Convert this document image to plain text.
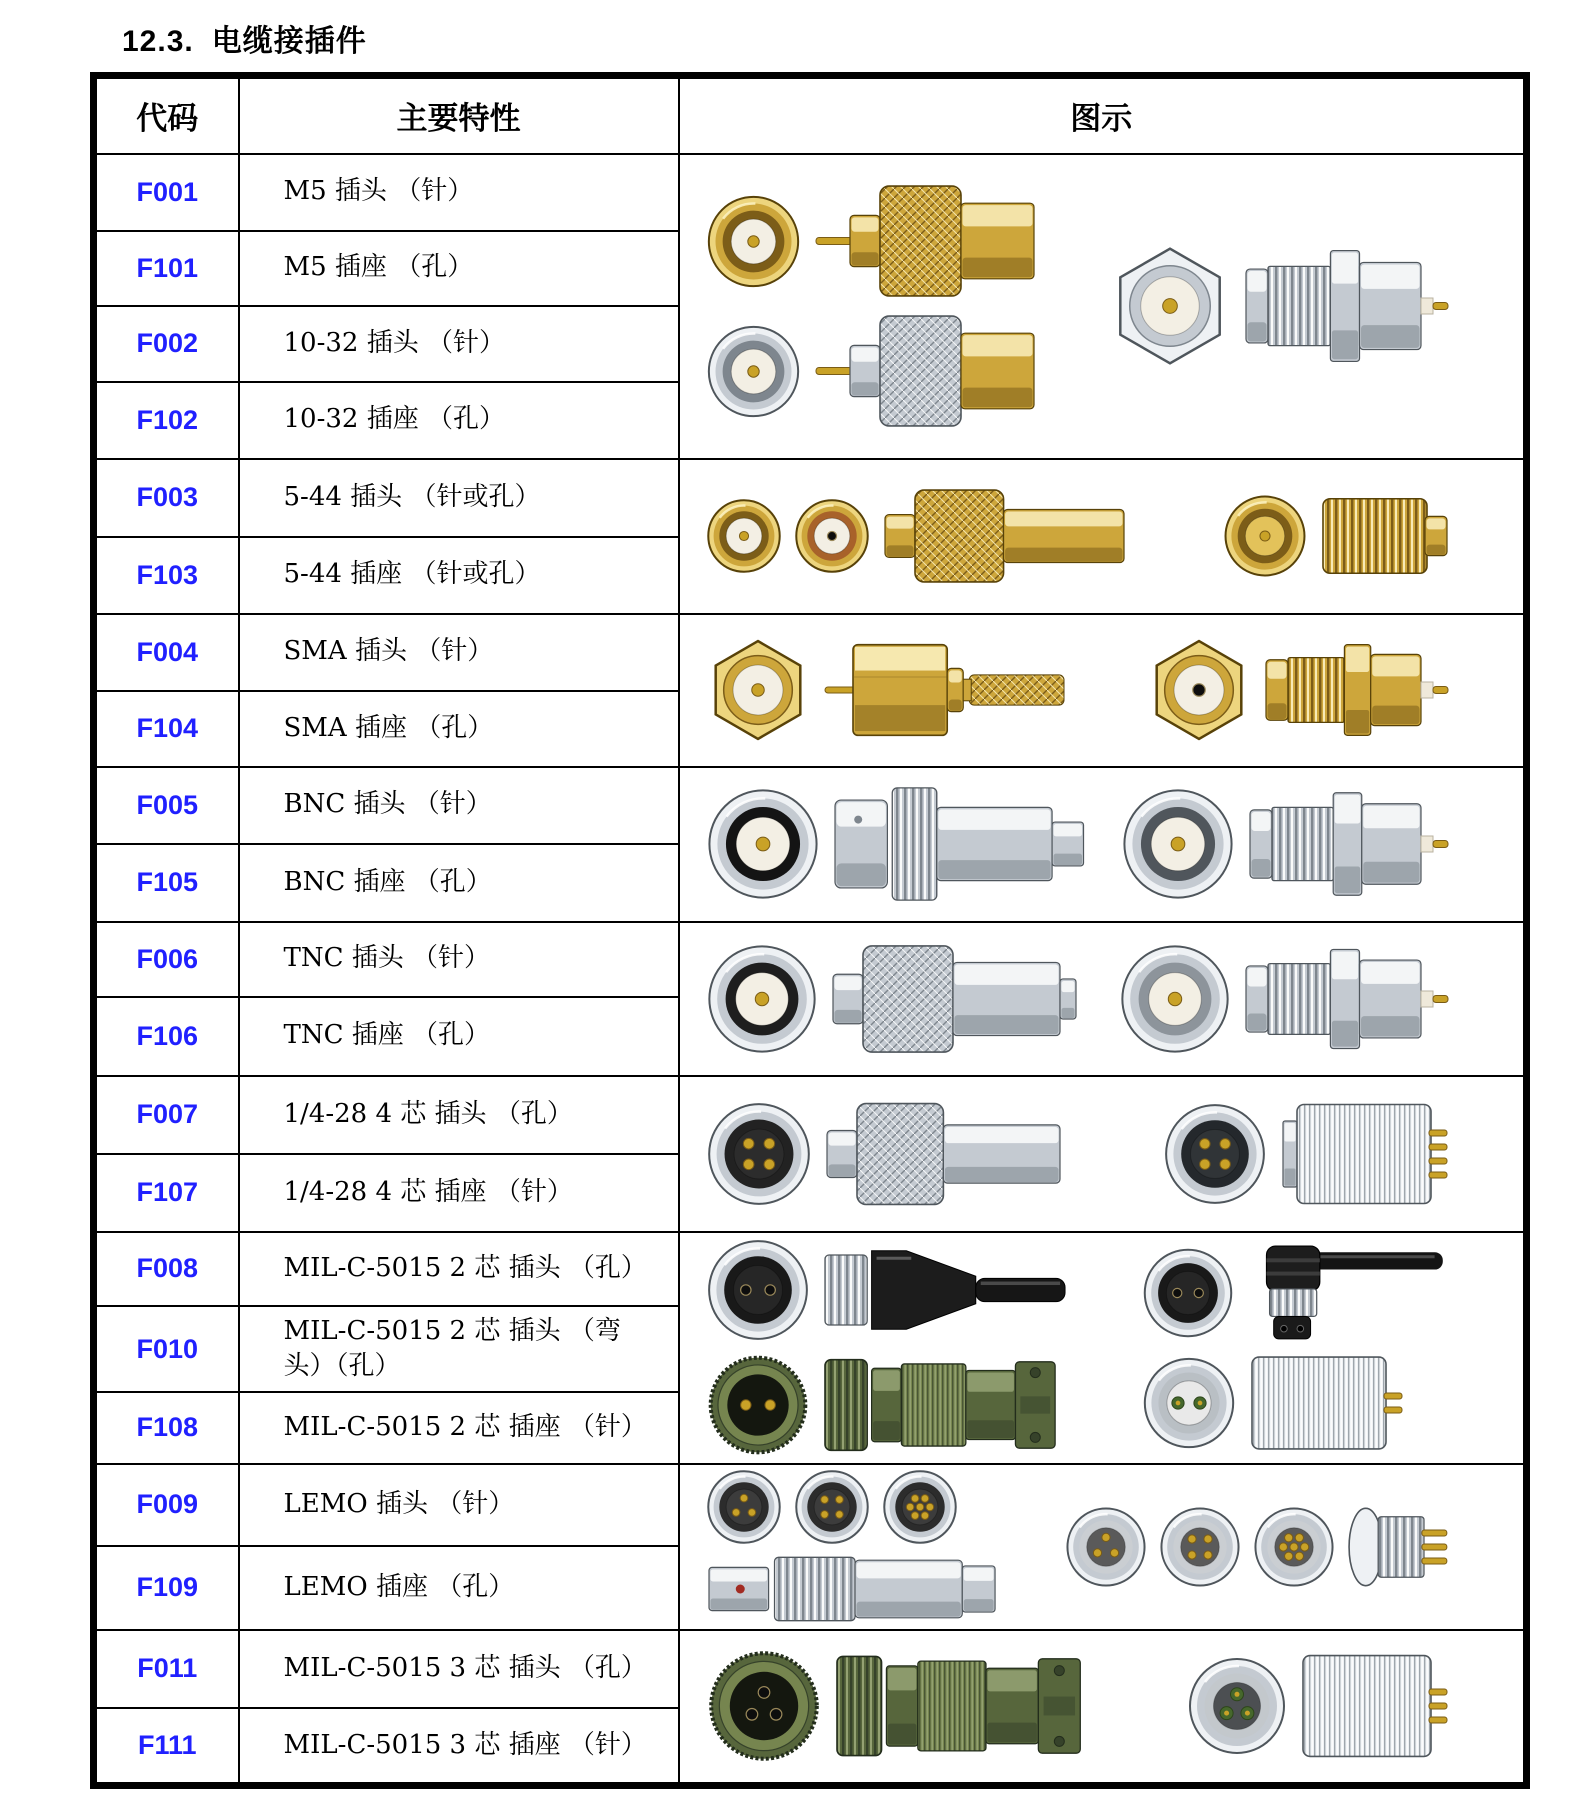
12.3. 电缆接插件
代码	主要特性	图示
F001	M5 插头 （针）	

F101	M5 插座 （孔）	
F002	10-32 插头 （针）	
F102	10-32 插座 （孔）	
F003	5-44 插头 （针或孔）	

F103	5-44 插座 （针或孔）	
F004	SMA 插头 （针）	

F104	SMA 插座 （孔）	
F005	BNC 插头 （针）	

F105	BNC 插座 （孔）	
F006	TNC 插头 （针）	

F106	TNC 插座 （孔）	
F007	1/4-28 4 芯 插头 （孔）	

F107	1/4-28 4 芯 插座 （针）	
F008	MIL-C-5015 2 芯 插头 （孔）	

F010	MIL-C-5015 2 芯 插头 （弯
头）（孔）	
F108	MIL-C-5015 2 芯 插座 （针）	
F009	LEMO 插头 （针）	

F109	LEMO 插座 （孔）	
F011	MIL-C-5015 3 芯 插头 （孔）	

F111	MIL-C-5015 3 芯 插座 （针）	
